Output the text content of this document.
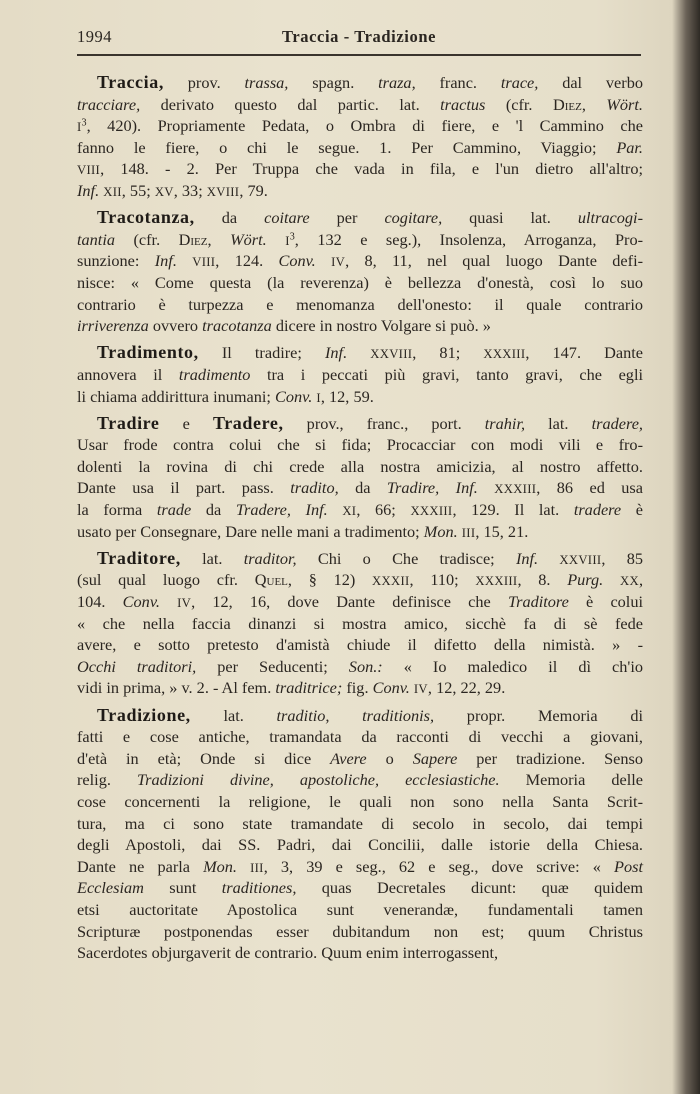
1994	Traccia - Tradizione
Traccia, prov. trassa, spagn. traza, franc. trace, dal verbo
tracciare, derivato questo dal partic. lat. tractus (cfr. Diez, Wört.
$I^3$, 420). Propriamente Pedata, o Ombra di fiere, e 'l Cammino che
fanno le fiere, o chi le segue. 1. Per Cammino, Viaggio; Par.
VIII, 148. - 2. Per Truppa che vada in fila, e l'un dietro all'altro;
Inf. XII, 55; XV, 33; XVIII, 79.
Tracotanza, da coitare per cogitare, quasi lat. ultracogi-
tantia (cfr. Diez, Wört. $I^3$, 132 e seg.), Insolenza, Arroganza, Pro-
sunzione: Inf. VIII, 124. Conv. IV, 8, 11, nel qual luogo Dante defi-
nisce: « Come questa (la reverenza) è bellezza d'onestà, così lo suo
contrario è turpezza e menomanza dell'onesto: il quale contrario
irriverenza ovvero tracotanza dicere in nostro Volgare si può. »
Tradimento, Il tradire; Inf. XXVIII, 81; XXXIII, 147. Dante
annovera il tradimento tra i peccati più gravi, tanto gravi, che egli
li chiama addirittura inumani; Conv. I, 12, 59.
Tradire e Tradere, prov., franc., port. trahir, lat. tradere,
Usar frode contra colui che si fida; Procacciar con modi vili e fro-
dolenti la rovina di chi crede alla nostra amicizia, al nostro affetto.
Dante usa il part. pass. tradito, da Tradire, Inf. XXXIII, 86 ed usa
la forma trade da Tradere, Inf. XI, 66; XXXIII, 129. Il lat. tradere è
usato per Consegnare, Dare nelle mani a tradimento; Mon. III, 15, 21.
Traditore, lat. traditor, Chi o Che tradisce; Inf. XXVIII, 85
(sul qual luogo cfr. Quel, § 12) XXXII, 110; XXXIII, 8. Purg. XX,
104. Conv. IV, 12, 16, dove Dante definisce che Traditore è colui
« che nella faccia dinanzi si mostra amico, sicchè fa di sè fede
avere, e sotto pretesto d'amistà chiude il difetto della nimistà. » -
Occhi traditori, per Seducenti; Son.: « Io maledico il dì ch'io
vidi in prima, » v. 2. - Al fem. traditrice; fig. Conv. IV, 12, 22, 29.
Tradizione, lat. traditio, traditionis, propr. Memoria di
fatti e cose antiche, tramandata da racconti di vecchi a giovani,
d'età in età; Onde si dice Avere o Sapere per tradizione. Senso
relig. Tradizioni divine, apostoliche, ecclesiastiche. Memoria delle
cose concernenti la religione, le quali non sono nella Santa Scrit-
tura, ma ci sono state tramandate di secolo in secolo, dai tempi
degli Apostoli, dai SS. Padri, dai Concilii, dalle istorie della Chiesa.
Dante ne parla Mon. III, 3, 39 e seg., 62 e seg., dove scrive: « Post
Ecclesiam sunt traditiones, quas Decretales dicunt: quæ quidem
etsi auctoritate Apostolica sunt venerandæ, fundamentali tamen
Scripturæ postponendas esser dubitandum non est; quum Christus
Sacerdotes objurgaverit de contrario. Quum enim interrogassent,
